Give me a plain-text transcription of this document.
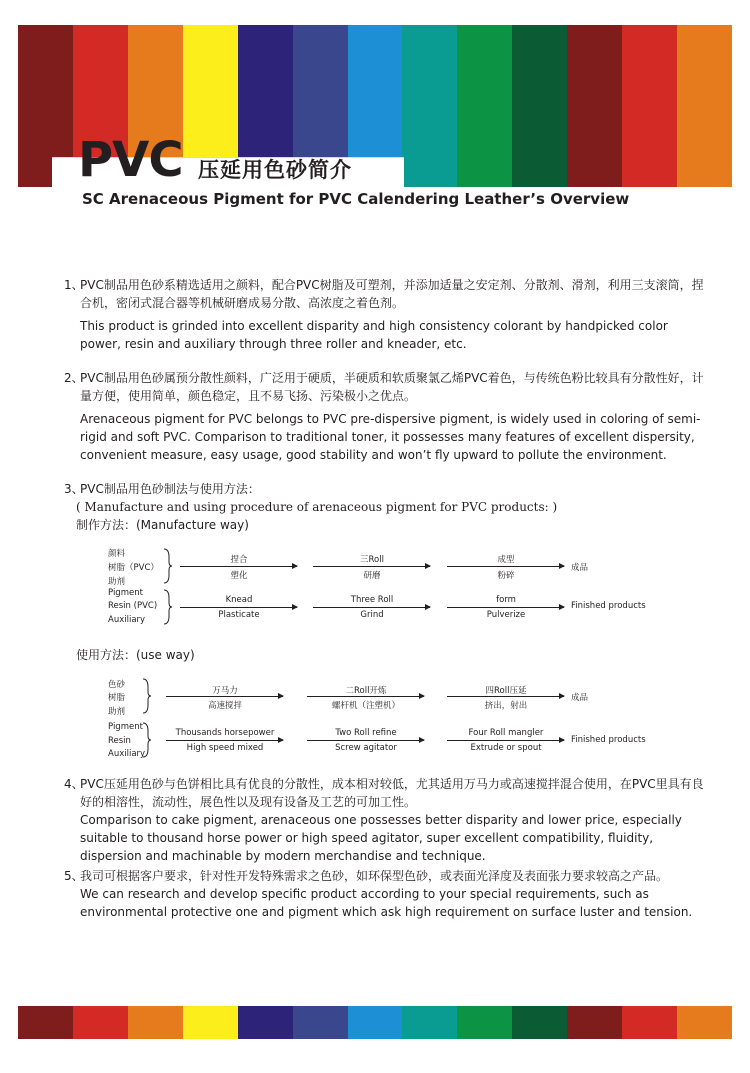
PVC 压延用色砂简介
SC Arenaceous Pigment for PVC Calendering Leather’s Overview
1、PVC制品用色砂系精选适用之颜料，配合PVC树脂及可塑剂，并添加适量之安定剂、分散剂、滑剂，利用三支滚筒，捏合机，密闭式混合器等机械研磨成易分散、高浓度之着色剂。
This product is grinded into excellent disparity and high consistency colorant by handpicked color power, resin and auxiliary through three roller and kneader, etc.
2、PVC制品用色砂属预分散性颜料，广泛用于硬质，半硬质和软质聚氯乙烯PVC着色，与传统色粉比较具有分散性好，计量方便，使用简单，颜色稳定，且不易飞扬、污染极小之优点。
Arenaceous pigment for PVC belongs to PVC pre-dispersive pigment, is widely used in coloring of semi-rigid and soft PVC. Comparison to traditional toner, it possesses many features of excellent dispersity, convenient measure, easy usage, good stability and won’t fly upward to pollute the environment.
3、PVC制品用色砂制法与使用方法：
( Manufacture and using procedure of arenaceous pigment for PVC products: )
制作方法：(Manufacture way)
颜料
树脂（PVC）
助剂
捏合
塑化
三Roll
研磨
成型
粉碎
成品
Pigment
Resin (PVC)
Auxiliary
Knead
Plasticate
Three Roll
Grind
form
Pulverize
Finished products
使用方法：(use way)
色砂
树脂
助剂
万马力
高速搅拌
二Roll开炼
螺杆机（注塑机）
四Roll压延
挤出，射出
成品
Pigment
Resin
Auxiliary
Thousands horsepower
High speed mixed
Two Roll refine
Screw agitator
Four Roll mangler
Extrude or spout
Finished products
4、PVC压延用色砂与色饼相比具有优良的分散性，成本相对较低，尤其适用万马力或高速搅拌混合使用，在PVC里具有良好的相溶性，流动性，展色性以及现有设备及工艺的可加工性。
Comparison to cake pigment, arenaceous one possesses better disparity and lower price, especially suitable to thousand horse power or high speed agitator, super excellent compatibility, fluidity, dispersion and machinable by modern merchandise and technique.
5、我司可根据客户要求，针对性开发特殊需求之色砂，如环保型色砂，或表面光泽度及表面张力要求较高之产品。
We can research and develop specific product according to your special requirements, such as environmental protective one and pigment which ask high requirement on surface luster and tension.
